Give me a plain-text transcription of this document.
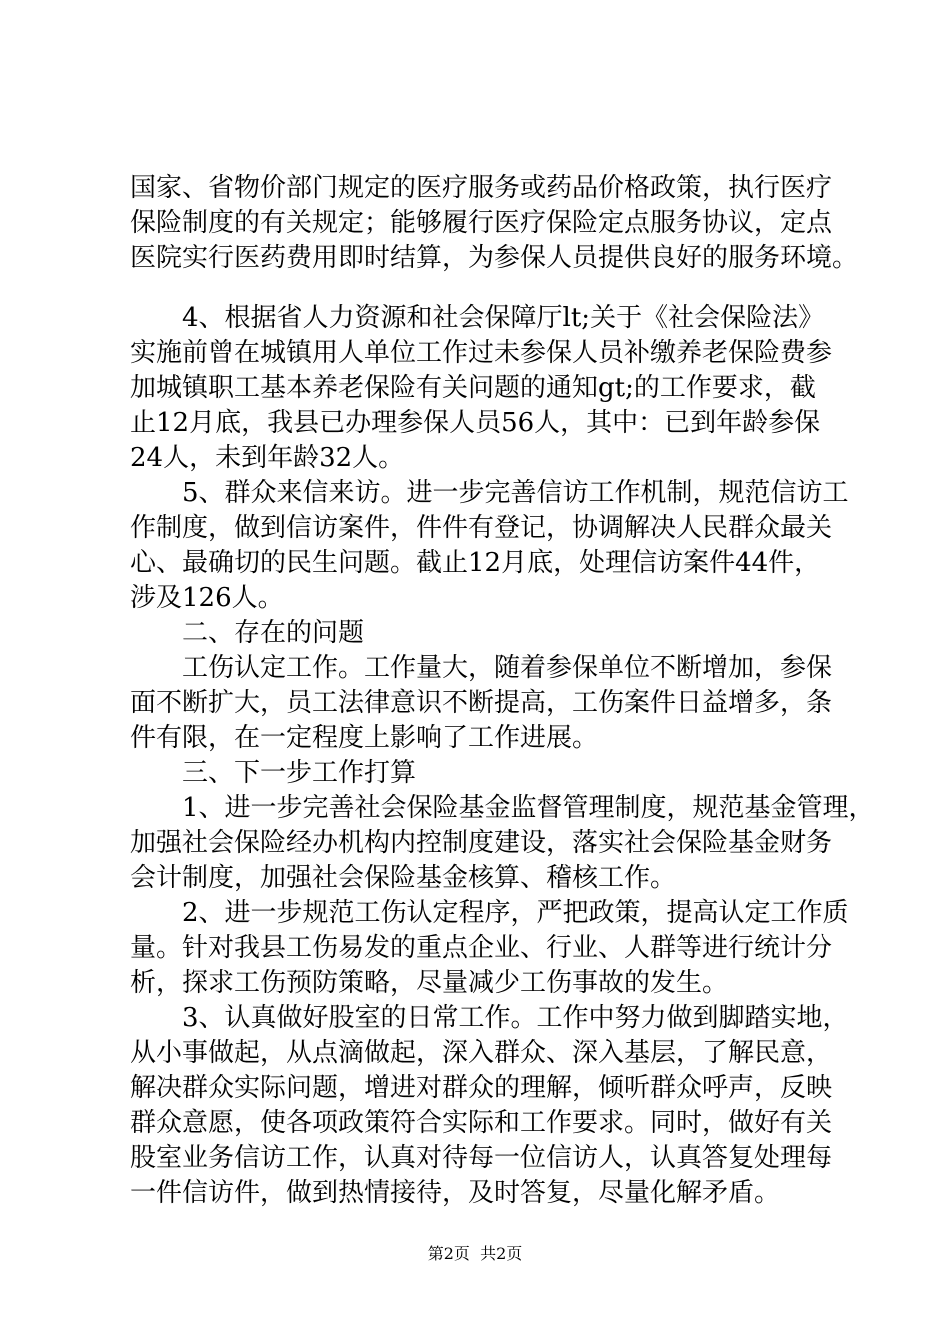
国家、省物价部门规定的医疗服务或药品价格政策，执行医疗
保险制度的有关规定；能够履行医疗保险定点服务协议，定点
医院实行医药费用即时结算，为参保人员提供良好的服务环境。
4、根据省人力资源和社会保障厅lt;关于《社会保险法》
实施前曾在城镇用人单位工作过未参保人员补缴养老保险费参
加城镇职工基本养老保险有关问题的通知gt;的工作要求，截
止12月底，我县已办理参保人员56人，其中：已到年龄参保
24人，未到年龄32人。
5、群众来信来访。进一步完善信访工作机制，规范信访工
作制度，做到信访案件，件件有登记，协调解决人民群众最关
心、最确切的民生问题。截止12月底，处理信访案件44件，
涉及126人。
二、存在的问题
工伤认定工作。工作量大，随着参保单位不断增加，参保
面不断扩大，员工法律意识不断提高，工伤案件日益增多，条
件有限，在一定程度上影响了工作进展。
三、下一步工作打算
1、进一步完善社会保险基金监督管理制度，规范基金管理，
加强社会保险经办机构内控制度建设，落实社会保险基金财务
会计制度，加强社会保险基金核算、稽核工作。
2、进一步规范工伤认定程序，严把政策，提高认定工作质
量。针对我县工伤易发的重点企业、行业、人群等进行统计分
析，探求工伤预防策略，尽量减少工伤事故的发生。
3、认真做好股室的日常工作。工作中努力做到脚踏实地，
从小事做起，从点滴做起，深入群众、深入基层，了解民意，
解决群众实际问题，增进对群众的理解，倾听群众呼声，反映
群众意愿，使各项政策符合实际和工作要求。同时，做好有关
股室业务信访工作，认真对待每一位信访人，认真答复处理每
一件信访件，做到热情接待，及时答复，尽量化解矛盾。
第2页  共2页
